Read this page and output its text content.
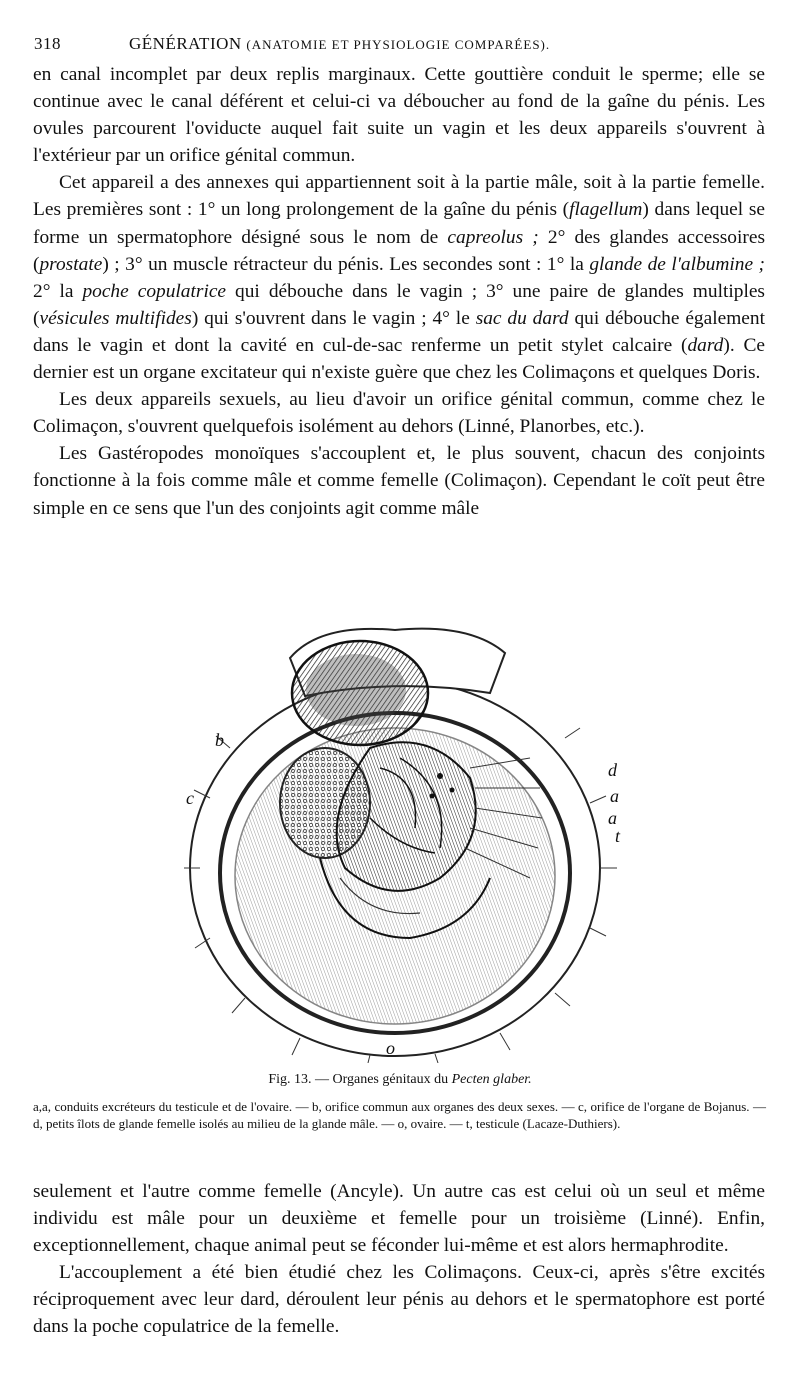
318	GÉNÉRATION (ANATOMIE ET PHYSIOLOGIE COMPARÉES).

en canal incomplet par deux replis marginaux. Cette gouttière conduit le sperme; elle se continue avec le canal déférent et celui-ci va déboucher au fond de la gaîne du pénis. Les ovules parcourent l'oviducte auquel fait suite un vagin et les deux appareils s'ouvrent à l'extérieur par un orifice génital commun.

Cet appareil a des annexes qui appartiennent soit à la partie mâle, soit à la partie femelle. Les premières sont : 1° un long prolongement de la gaîne du pénis (flagellum) dans lequel se forme un spermatophore désigné sous le nom de capreolus ; 2° des glandes accessoires (prostate) ; 3° un muscle rétracteur du pénis. Les secondes sont : 1° la glande de l'albumine ; 2° la poche copulatrice qui débouche dans le vagin ; 3° une paire de glandes multiples (vésicules multifides) qui s'ouvrent dans le vagin ; 4° le sac du dard qui débouche également dans le vagin et dont la cavité en cul-de-sac renferme un petit stylet calcaire (dard). Ce dernier est un organe excitateur qui n'existe guère que chez les Colimaçons et quelques Doris.

Les deux appareils sexuels, au lieu d'avoir un orifice génital commun, comme chez le Colimaçon, s'ouvrent quelquefois isolément au dehors (Linné, Planorbes, etc.).

Les Gastéropodes monoïques s'accouplent et, le plus souvent, chacun des conjoints fonctionne à la fois comme mâle et comme femelle (Colimaçon). Cependant le coït peut être simple en ce sens que l'un des conjoints agit comme mâle

b
c
d
a
a
t
o
Fig. 13. — Organes génitaux du Pecten glaber.
a,a, conduits excréteurs du testicule et de l'ovaire. — b, orifice commun aux organes des deux sexes. — c, orifice de l'organe de Bojanus. — d, petits îlots de glande femelle isolés au milieu de la glande mâle. — o, ovaire. — t, testicule (Lacaze-Duthiers).

seulement et l'autre comme femelle (Ancyle). Un autre cas est celui où un seul et même individu est mâle pour un deuxième et femelle pour un troisième (Linné). Enfin, exceptionnellement, chaque animal peut se féconder lui-même et est alors hermaphrodite.

L'accouplement a été bien étudié chez les Colimaçons. Ceux-ci, après s'être excités réciproquement avec leur dard, déroulent leur pénis au dehors et le spermatophore est porté dans la poche copulatrice de la femelle.
